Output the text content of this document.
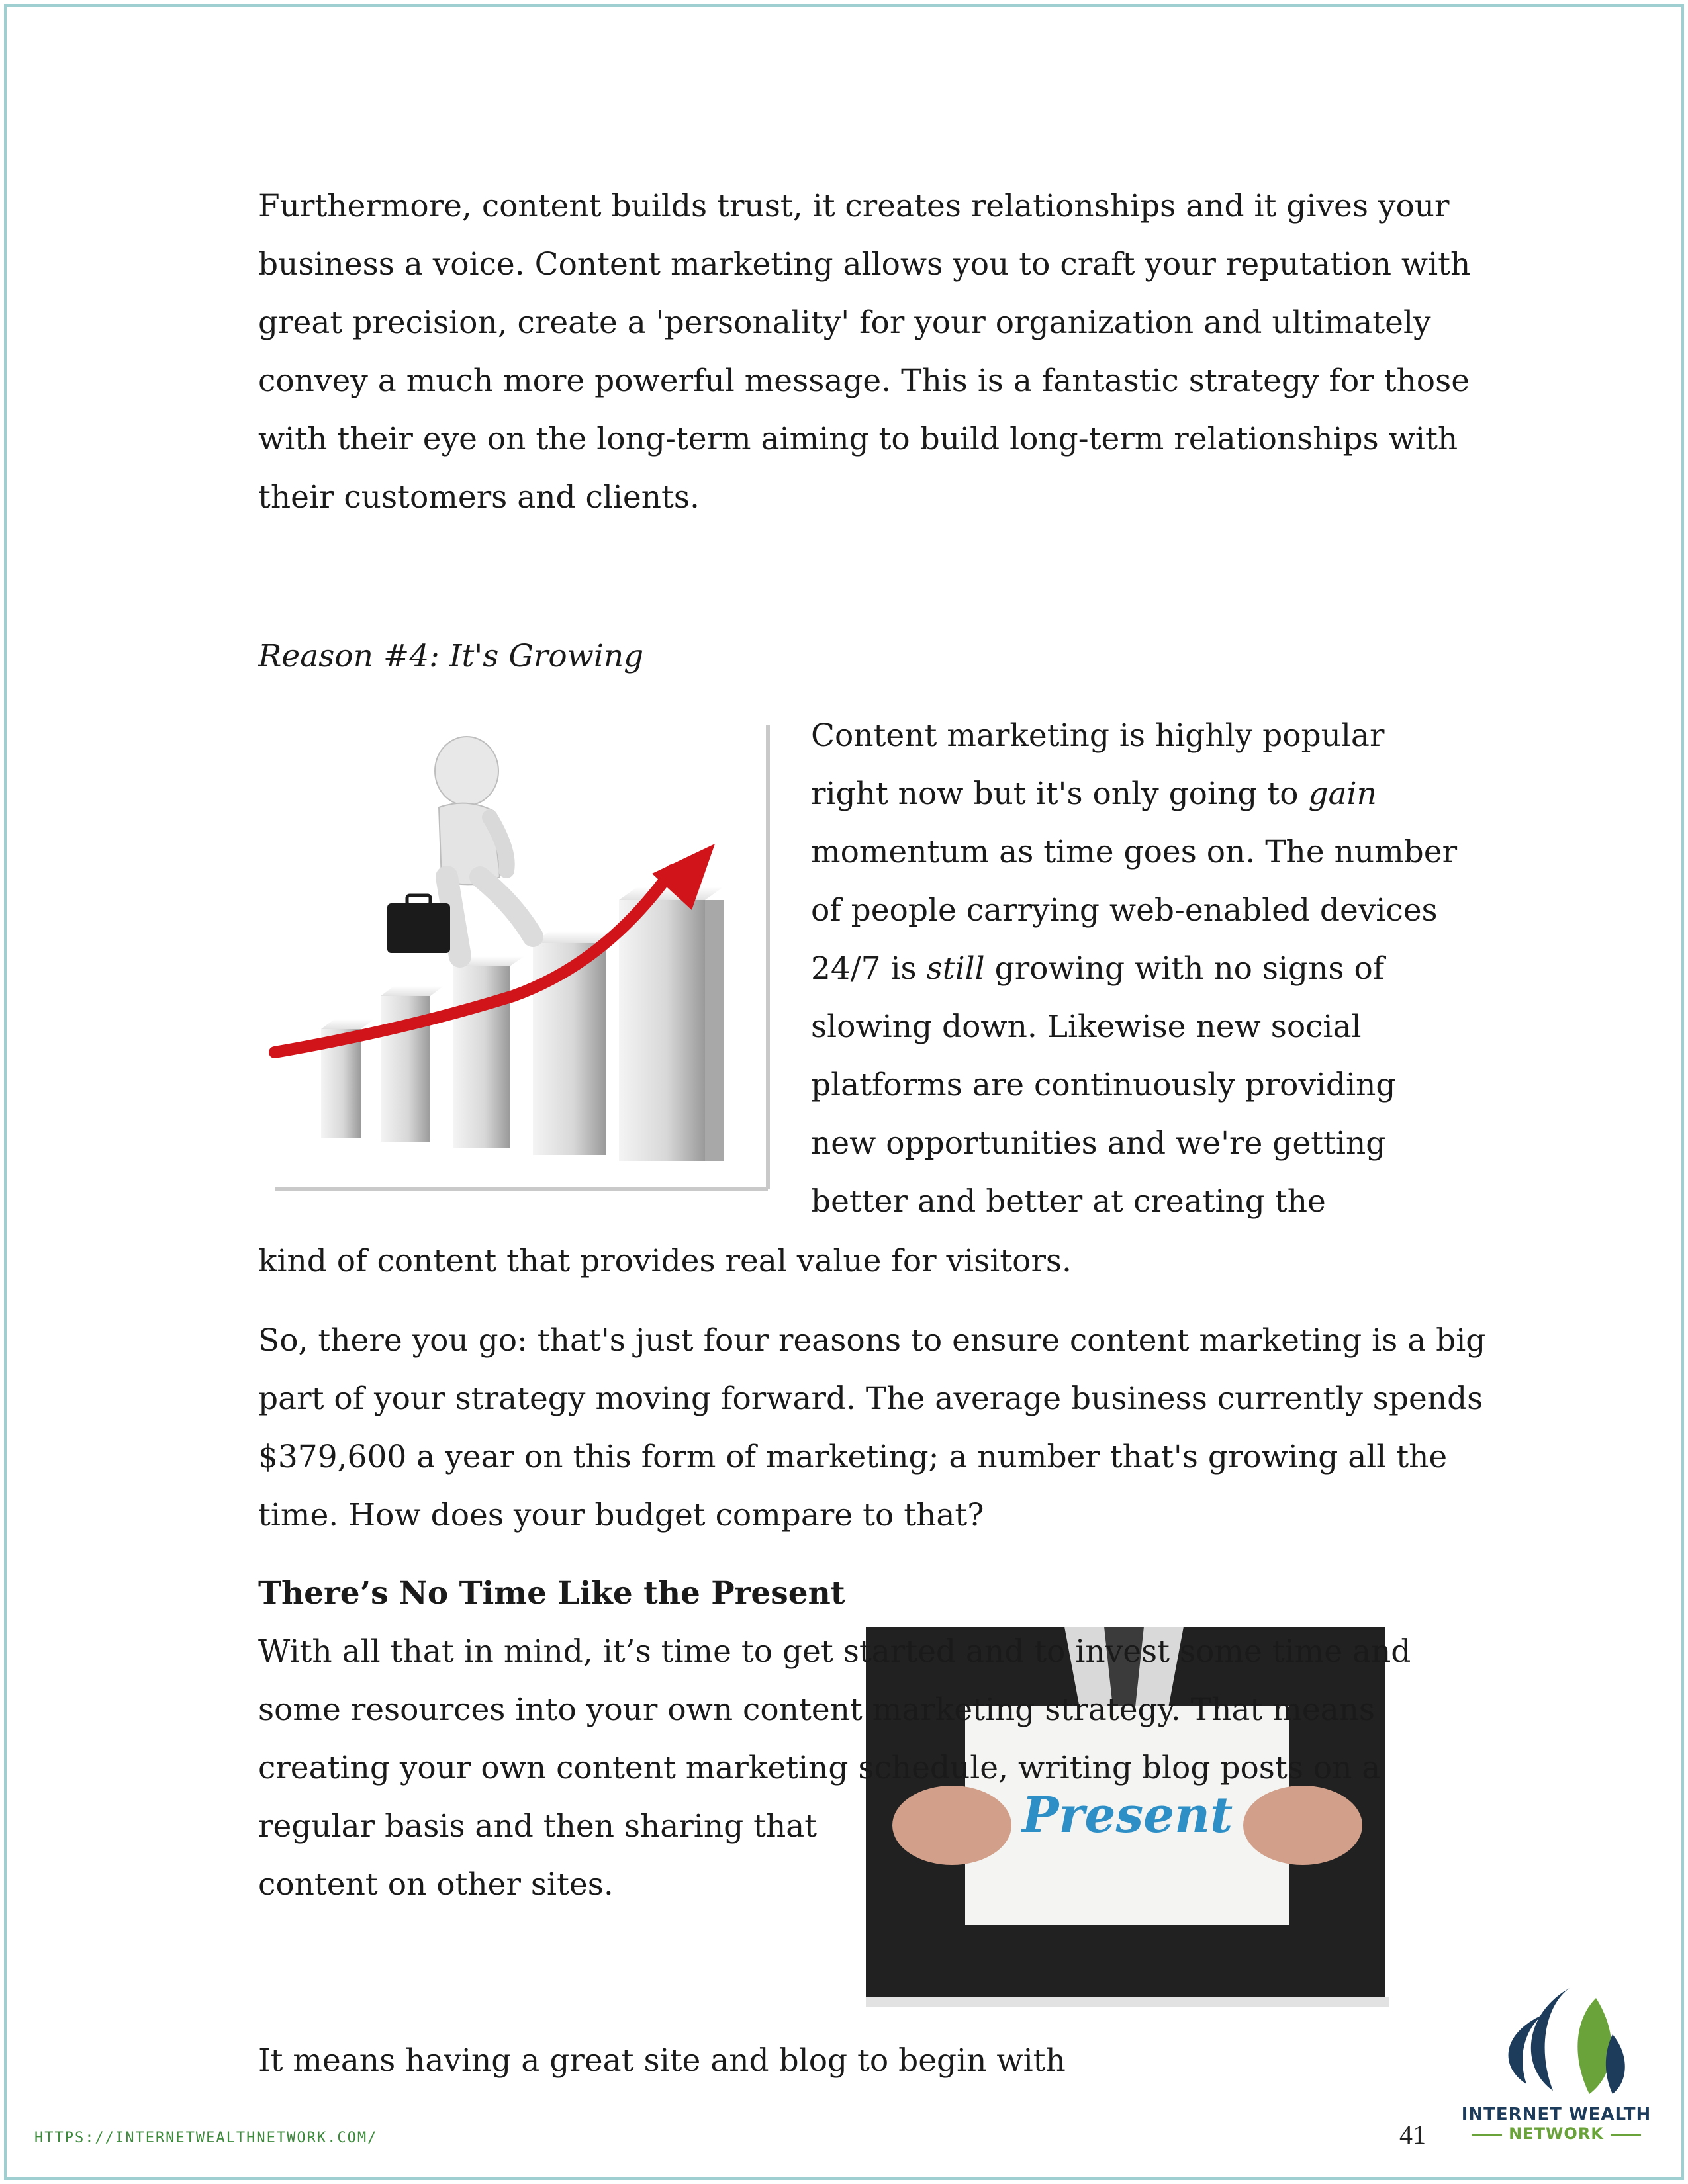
Furthermore, content builds trust, it creates relationships and it gives your
business a voice. Content marketing allows you to craft your reputation with
great precision, create a 'personality' for your organization and ultimately
convey a much more powerful message. This is a fantastic strategy for those
with their eye on the long-term aiming to build long-term relationships with
their customers and clients.
Reason #4: It's Growing
Content marketing is highly popular
right now but it's only going to gain
momentum as time goes on. The number
of people carrying web-enabled devices
24/7 is still growing with no signs of
slowing down. Likewise new social
platforms are continuously providing
new opportunities and we're getting
better and better at creating the
kind of content that provides real value for visitors.
So, there you go: that's just four reasons to ensure content marketing is a big
part of your strategy moving forward. The average business currently spends
$379,600 a year on this form of marketing; a number that's growing all the
time. How does your budget compare to that?
There’s No Time Like the Present
Present
With all that in mind, it’s time to get started and to invest some time and
some resources into your own content marketing strategy. That means
creating your own content marketing schedule, writing blog posts on a
regular basis and then sharing that
content on other sites.
It means having a great site and blog to begin with
HTTPS://INTERNETWEALTHNETWORK.COM/	41
INTERNET WEALTH
NETWORK
